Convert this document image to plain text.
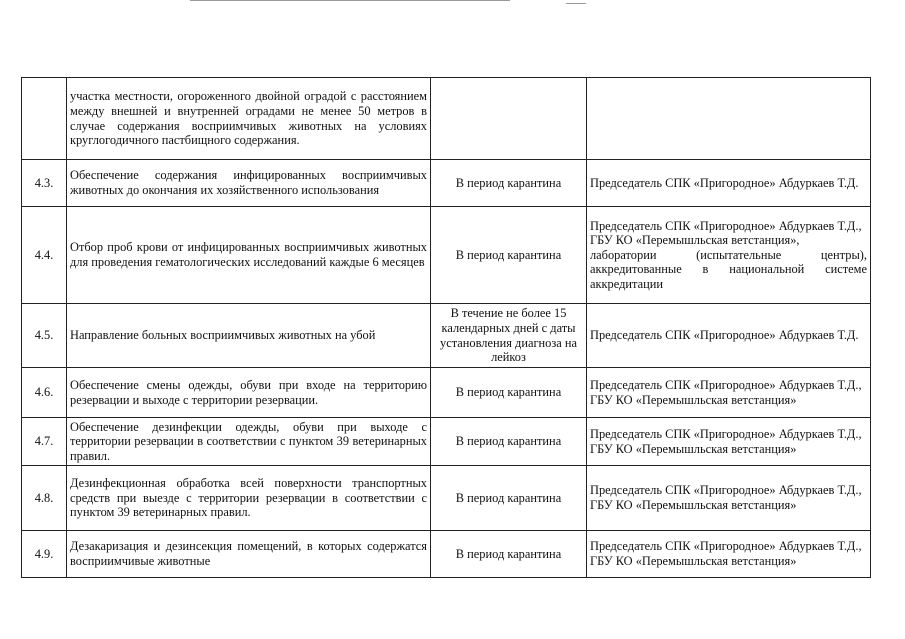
	участка местности, огороженного двойной оградой с расстоянием между внешней и внутренней оградами не менее 50 метров в случае содержания восприимчивых животных на условиях круглогодичного пастбищного содержания.		
4.3.	Обеспечение содержания инфицированных восприимчивых животных до окончания их хозяйственного использования	В период карантина	Председатель СПК «Пригородное» Абдуркаев Т.Д.

4.4.	Отбор проб крови от инфицированных восприимчивых животных для проведения гематологических исследований каждые 6 месяцев	В период карантина	Председатель СПК «Пригородное» Абдуркаев Т.Д.,
ГБУ КО «Перемышльская ветстанция»,
лаборатории (испытательные центры), аккредитованные в национальной системе аккредитации

4.5.	Направление больных восприимчивых животных на убой	В течение не более 15 календарных дней с даты установления диагноза на лейкоз	Председатель СПК «Пригородное» Абдуркаев Т.Д.

4.6.	Обеспечение смены одежды, обуви при входе на территорию резервации и выходе с территории резервации.	В период карантина	Председатель СПК «Пригородное» Абдуркаев Т.Д.,
ГБУ КО «Перемышльская ветстанция»

4.7.	Обеспечение дезинфекции одежды, обуви при выходе с территории резервации в соответствии с пунктом 39 ветеринарных правил.	В период карантина	Председатель СПК «Пригородное» Абдуркаев Т.Д.,
ГБУ КО «Перемышльская ветстанция»

4.8.	Дезинфекционная обработка всей поверхности транспортных средств при выезде с территории резервации в соответствии с пунктом 39 ветеринарных правил.	В период карантина	Председатель СПК «Пригородное» Абдуркаев Т.Д.,
ГБУ КО «Перемышльская ветстанция»

4.9.	Дезакаризация и дезинсекция помещений, в которых содержатся восприимчивые животные	В период карантина	Председатель СПК «Пригородное» Абдуркаев Т.Д.,
ГБУ КО «Перемышльская ветстанция»
